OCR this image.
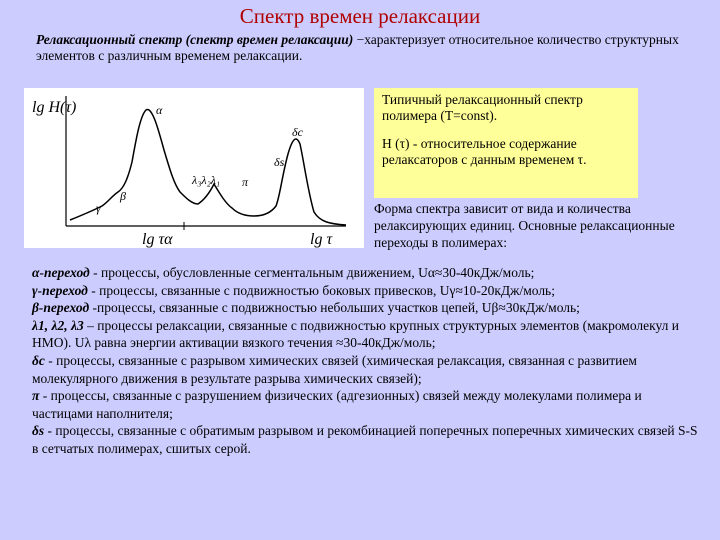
Спектр времен релаксации
Релаксационный спектр (спектр времен релаксации) −характеризует относительное количество структурных элементов с различным временем релаксации.
lg H(τ)
lg τα	lg τ
α
δc
δs
λ₃λ₂λ₁ π
β
γ

Типичный релаксационный спектр полимера (T=const).

H (τ) - относительное содержание релаксаторов с данным временем τ.

Форма спектра зависит от вида и количества релаксирующих единиц. Основные релаксационные переходы в полимерах:

α-переход - процессы, обусловленные сегментальным движением, Uα≈30-40кДж/моль;

γ-переход - процессы, связанные с подвижностью боковых привесков, Uγ≈10-20кДж/моль;

β-переход -процессы, связанные с подвижностью небольших участков цепей, Uβ≈30кДж/моль;

λ1, λ2, λ3 – процессы релаксации, связанные с подвижностью крупных структурных элементов (макромолекул и НМО). Uλ равна энергии активации вязкого течения ≈30-40кДж/моль;

δc - процессы, связанные с разрывом химических связей (химическая релаксация, связанная с развитием молекулярного движения в результате разрыва химических связей);

π - процессы, связанные с разрушением физических (адгезионных) связей между молекулами полимера и частицами наполнителя;

δs - процессы, связанные с обратимым разрывом и рекомбинацией поперечных поперечных химических связей S-S в сетчатых полимерах, сшитых серой.
